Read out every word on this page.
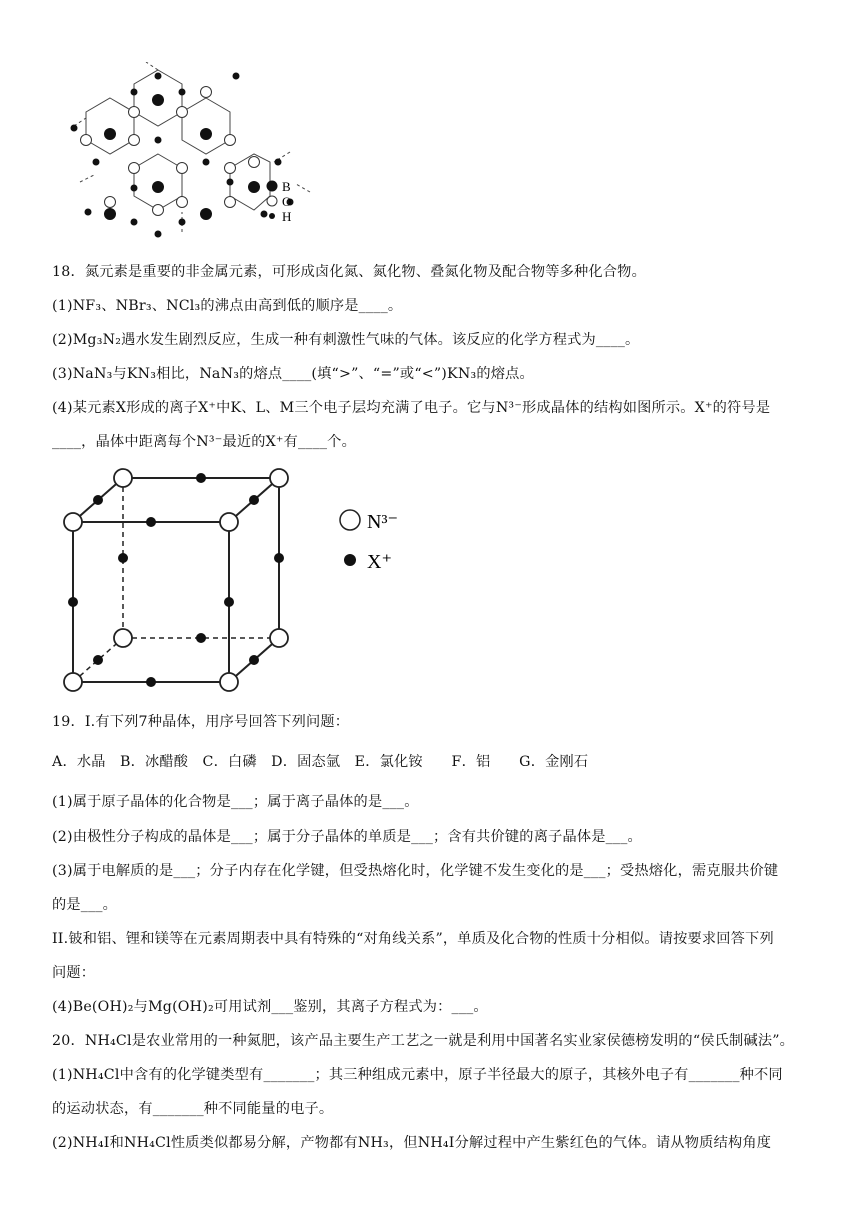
B
O
H
18．氮元素是重要的非金属元素，可形成卤化氮、氮化物、叠氮化物及配合物等多种化合物。
(1)NF₃、NBr₃、NCl₃的沸点由高到低的顺序是____。
(2)Mg₃N₂遇水发生剧烈反应，生成一种有刺激性气味的气体。该反应的化学方程式为____。
(3)NaN₃与KN₃相比，NaN₃的熔点____(填“>”、“=”或“<”)KN₃的熔点。
(4)某元素X形成的离子X⁺中K、L、M三个电子层均充满了电子。它与N³⁻形成晶体的结构如图所示。X⁺的符号是
____，晶体中距离每个N³⁻最近的X⁺有____个。
N³⁻
X⁺
19．I.有下列7种晶体，用序号回答下列问题：
A．水晶　B．冰醋酸　C．白磷　D．固态氩　E．氯化铵　　F．铝　　G．金刚石
(1)属于原子晶体的化合物是___；属于离子晶体的是___。
(2)由极性分子构成的晶体是___；属于分子晶体的单质是___；含有共价键的离子晶体是___。
(3)属于电解质的是___；分子内存在化学键，但受热熔化时，化学键不发生变化的是___；受热熔化，需克服共价键
的是___。
II.铍和铝、锂和镁等在元素周期表中具有特殊的“对角线关系”，单质及化合物的性质十分相似。请按要求回答下列
问题：
(4)Be(OH)₂与Mg(OH)₂可用试剂___鉴别，其离子方程式为：___。
20．NH₄Cl是农业常用的一种氮肥，该产品主要生产工艺之一就是利用中国著名实业家侯德榜发明的“侯氏制碱法”。
(1)NH₄Cl中含有的化学键类型有_______；其三种组成元素中，原子半径最大的原子，其核外电子有_______种不同
的运动状态，有_______种不同能量的电子。
(2)NH₄I和NH₄Cl性质类似都易分解，产物都有NH₃，但NH₄I分解过程中产生紫红色的气体。请从物质结构角度
